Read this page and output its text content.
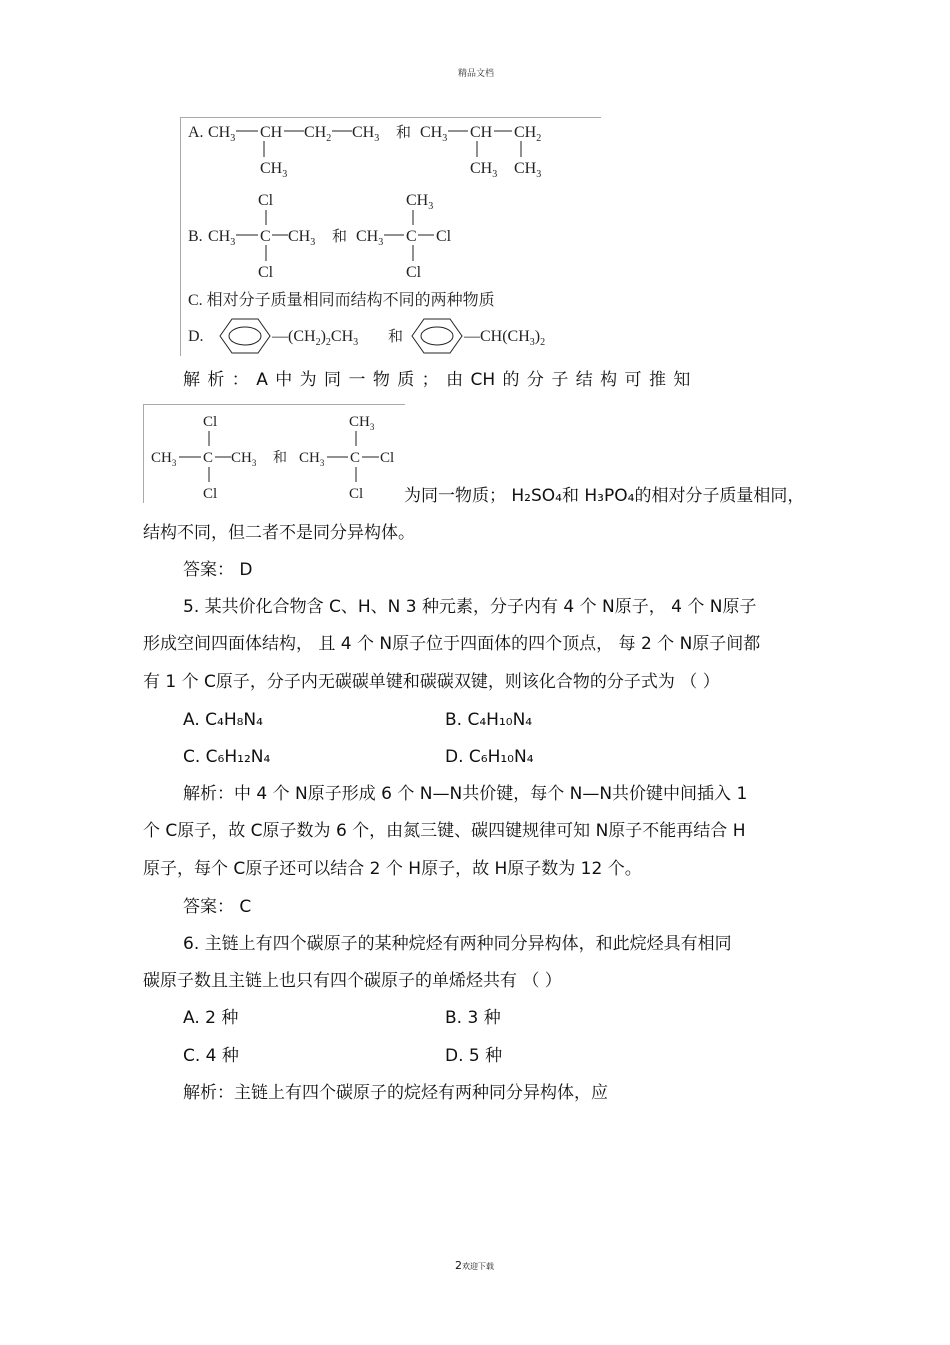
精品文档
A. $CH_3$ CH
$CH_3$
$CH_2$ $CH_3$ 和 $CH_3$ CH
$CH_3$
$CH_2$
$CH_3$
Cl
B. $CH_3$ C $CH_3$
Cl
和
$CH_3$
$CH_3$ C Cl
Cl
C. 相对分子质量相同而结构不同的两种物质
D.	$—(CH_2)_2CH_3$ 和	$—CH(CH_3)_2$
解 析 ： A 中 为 同 一 物 质 ； 由 CH 的 分 子 结 构 可 推 知
Cl
$CH_3$ C $CH_3$
Cl
和
$CH_3$
$CH_3$ C Cl
Cl 为同一物质； H₂SO₄和 H₃PO₄的相对分子质量相同，
结构不同，但二者不是同分异构体。
答案： D
5. 某共价化合物含 C、H、N 3 种元素，分子内有 4 个 N原子， 4 个 N原子
形成空间四面体结构， 且 4 个 N原子位于四面体的四个顶点， 每 2 个 N原子间都
有 1 个 C原子，分子内无碳碳单键和碳碳双键，则该化合物的分子式为 （ ）
A. C₄H₈N₄	B. C₄H₁₀N₄
C. C₆H₁₂N₄	D. C₆H₁₀N₄
解析：中 4 个 N原子形成 6 个 N—N共价键，每个 N—N共价键中间插入 1
个 C原子，故 C原子数为 6 个，由氮三键、碳四键规律可知 N原子不能再结合 H
原子，每个 C原子还可以结合 2 个 H原子，故 H原子数为 12 个。
答案： C
6. 主链上有四个碳原子的某种烷烃有两种同分异构体，和此烷烃具有相同
碳原子数且主链上也只有四个碳原子的单烯烃共有 （ ）
A. 2 种	B. 3 种
C. 4 种	D. 5 种
解析：主链上有四个碳原子的烷烃有两种同分异构体，应
2欢迎下载
